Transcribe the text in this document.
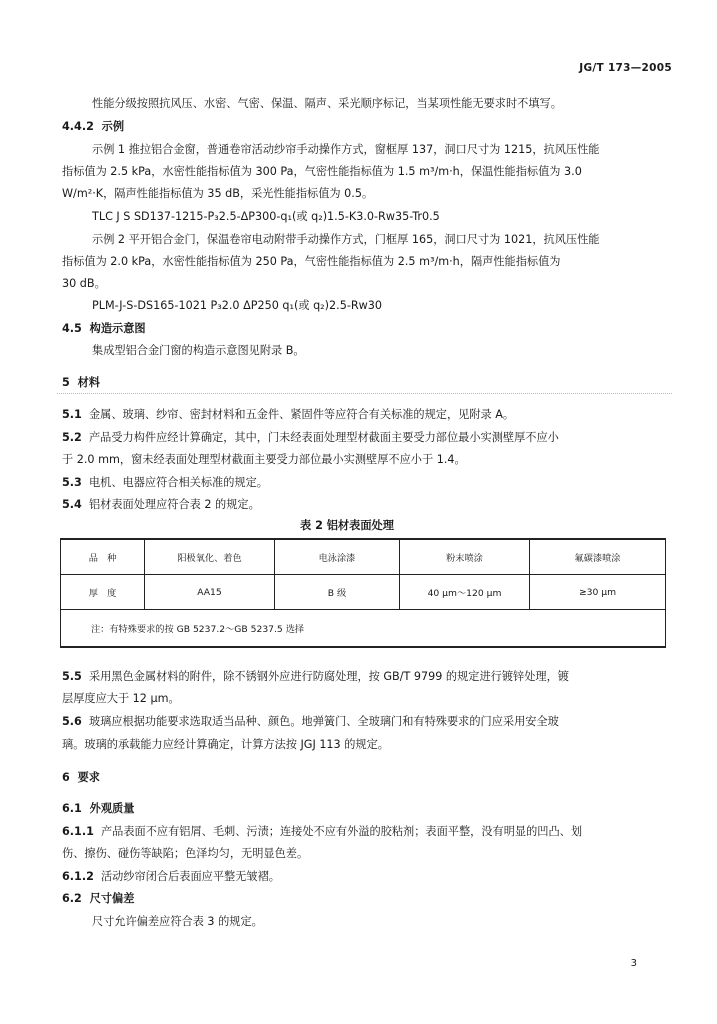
JG/T 173—2005
性能分级按照抗风压、水密、气密、保温、隔声、采光顺序标记，当某项性能无要求时不填写。
4.4.2 示例
示例 1 推拉铝合金窗，普通卷帘活动纱帘手动操作方式，窗框厚 137，洞口尺寸为 1215，抗风压性能
指标值为 2.5 kPa，水密性能指标值为 300 Pa，气密性能指标值为 1.5 m³/m·h，保温性能指标值为 3.0
W/m²·K，隔声性能指标值为 35 dB，采光性能指标值为 0.5。
TLC J S SD137-1215-P₃2.5-ΔP300-q₁(或 q₂)1.5-K3.0-Rw35-Tr0.5
示例 2 平开铝合金门，保温卷帘电动附带手动操作方式，门框厚 165，洞口尺寸为 1021，抗风压性能
指标值为 2.0 kPa，水密性能指标值为 250 Pa，气密性能指标值为 2.5 m³/m·h，隔声性能指标值为
30 dB。
PLM-J-S-DS165-1021 P₃2.0 ΔP250 q₁(或 q₂)2.5-Rw30
4.5 构造示意图
集成型铝合金门窗的构造示意图见附录 B。
5 材料
5.1 金属、玻璃、纱帘、密封材料和五金件、紧固件等应符合有关标准的规定，见附录 A。
5.2 产品受力构件应经计算确定，其中，门未经表面处理型材截面主要受力部位最小实测壁厚不应小
于 2.0 mm，窗未经表面处理型材截面主要受力部位最小实测壁厚不应小于 1.4。
5.3 电机、电器应符合相关标准的规定。
5.4 铝材表面处理应符合表 2 的规定。
表 2 铝材表面处理
品　种	阳极氧化、着色	电泳涂漆	粉末喷涂	氟碳漆喷涂
厚　度	AA15	B 级	40 μm～120 μm	≥30 μm
注：有特殊要求的按 GB 5237.2～GB 5237.5 选择				
5.5 采用黑色金属材料的附件，除不锈钢外应进行防腐处理，按 GB/T 9799 的规定进行镀锌处理，镀
层厚度应大于 12 μm。
5.6 玻璃应根据功能要求选取适当品种、颜色。地弹簧门、全玻璃门和有特殊要求的门应采用安全玻
璃。玻璃的承载能力应经计算确定，计算方法按 JGJ 113 的规定。
6 要求
6.1 外观质量
6.1.1 产品表面不应有铝屑、毛刺、污渍；连接处不应有外溢的胶粘剂；表面平整，没有明显的凹凸、划
伤、擦伤、碰伤等缺陷；色泽均匀，无明显色差。
6.1.2 活动纱帘闭合后表面应平整无皱褶。
6.2 尺寸偏差
尺寸允许偏差应符合表 3 的规定。
3
